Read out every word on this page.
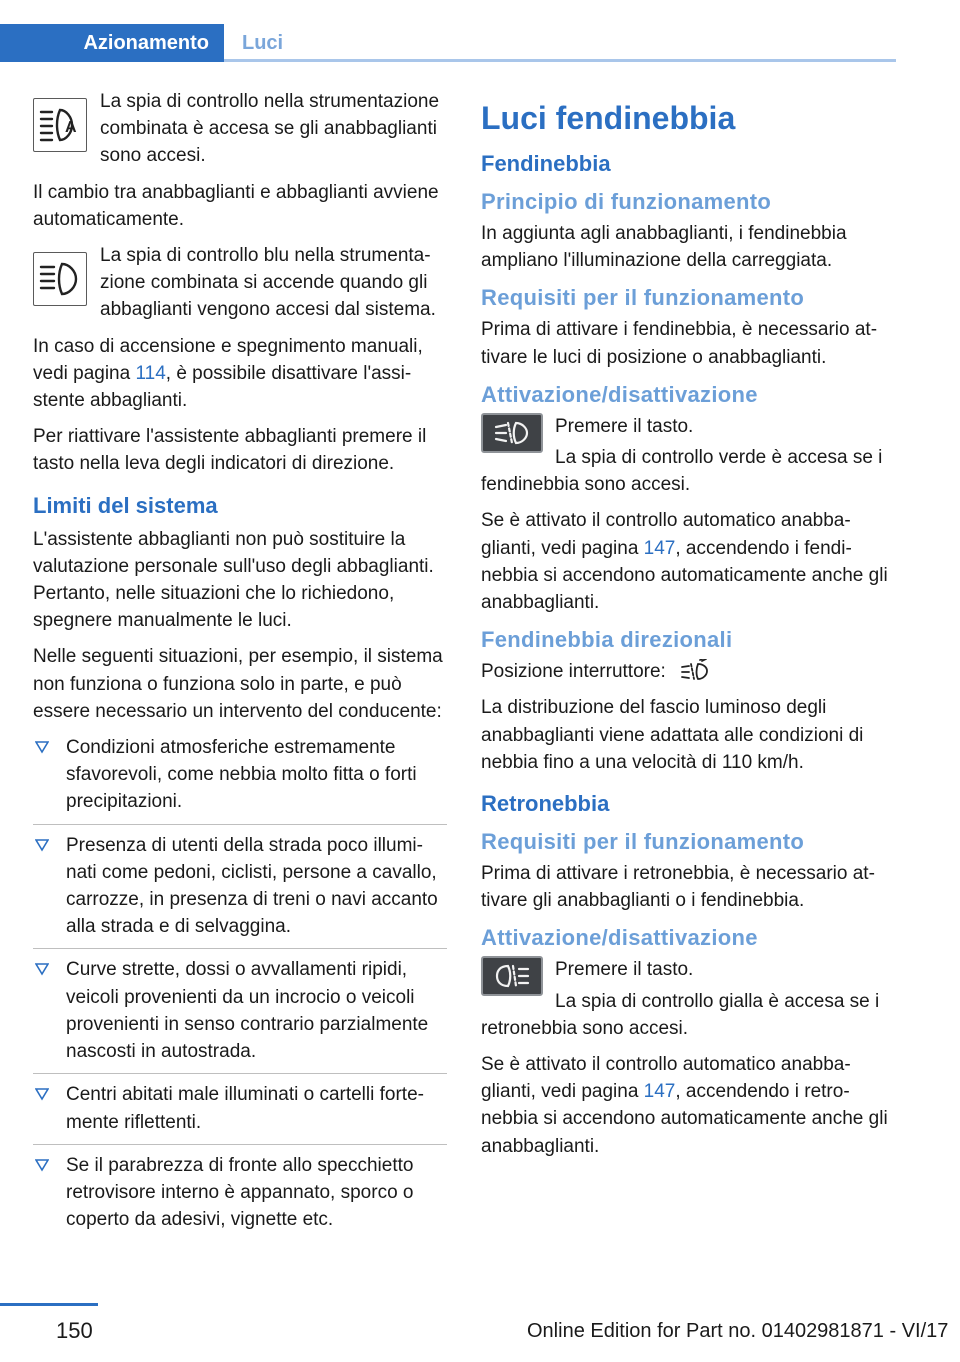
Azionamento	Luci
A

La spia di controllo nella strumentazione combinata è accesa se gli anabbaglianti sono accesi.

Il cambio tra anabbaglianti e abbaglianti avviene automaticamente.

La spia di controllo blu nella strumentazione combinata si accende quando gli abbaglianti vengono accesi dal sistema.

In caso di accensione e spegnimento manuali, vedi pagina 114, è possibile disattivare l'assistente abbaglianti.

Per riattivare l'assistente abbaglianti premere il tasto nella leva degli indicatori di direzione.

Limiti del sistema

L'assistente abbaglianti non può sostituire la valutazione personale sull'uso degli abbaglianti. Pertanto, nelle situazioni che lo richiedono, spegnere manualmente le luci.

Nelle seguenti situazioni, per esempio, il sistema non funziona o funziona solo in parte, e può essere necessario un intervento del conducente:

Condizioni atmosferiche estremamente sfavorevoli, come nebbia molto fitta o forti precipitazioni.
Presenza di utenti della strada poco illuminati come pedoni, ciclisti, persone a cavallo, carrozze, in presenza di treni o navi accanto alla strada e di selvaggina.
Curve strette, dossi o avvallamenti ripidi, veicoli provenienti da un incrocio o veicoli provenienti in senso contrario parzialmente nascosti in autostrada.
Centri abitati male illuminati o cartelli fortemente riflettenti.
Se il parabrezza di fronte allo specchietto retrovisore interno è appannato, sporco o coperto da adesivi, vignette etc.
Luci fendinebbia
Fendinebbia
Principio di funzionamento

In aggiunta agli anabbaglianti, i fendinebbia ampliano l'illuminazione della carreggiata.

Requisiti per il funzionamento

Prima di attivare i fendinebbia, è necessario attivare le luci di posizione o anabbaglianti.

Attivazione/disattivazione

Premere il tasto.

La spia di controllo verde è accesa se i fendinebbia sono accesi.

Se è attivato il controllo automatico anabbaglianti, vedi pagina 147, accendendo i fendinebbia si accendono automaticamente anche gli anabbaglianti.

Fendinebbia direzionali

Posizione interruttore:

La distribuzione del fascio luminoso degli anabbaglianti viene adattata alle condizioni di nebbia fino a una velocità di 110 km/h.

Retronebbia
Requisiti per il funzionamento

Prima di attivare i retronebbia, è necessario attivare gli anabbaglianti o i fendinebbia.

Attivazione/disattivazione

Premere il tasto.

La spia di controllo gialla è accesa se i retronebbia sono accesi.

Se è attivato il controllo automatico anabbaglianti, vedi pagina 147, accendendo i retronebbia si accendono automaticamente anche gli anabbaglianti.

150	Online Edition for Part no. 01402981871 - VI/17
